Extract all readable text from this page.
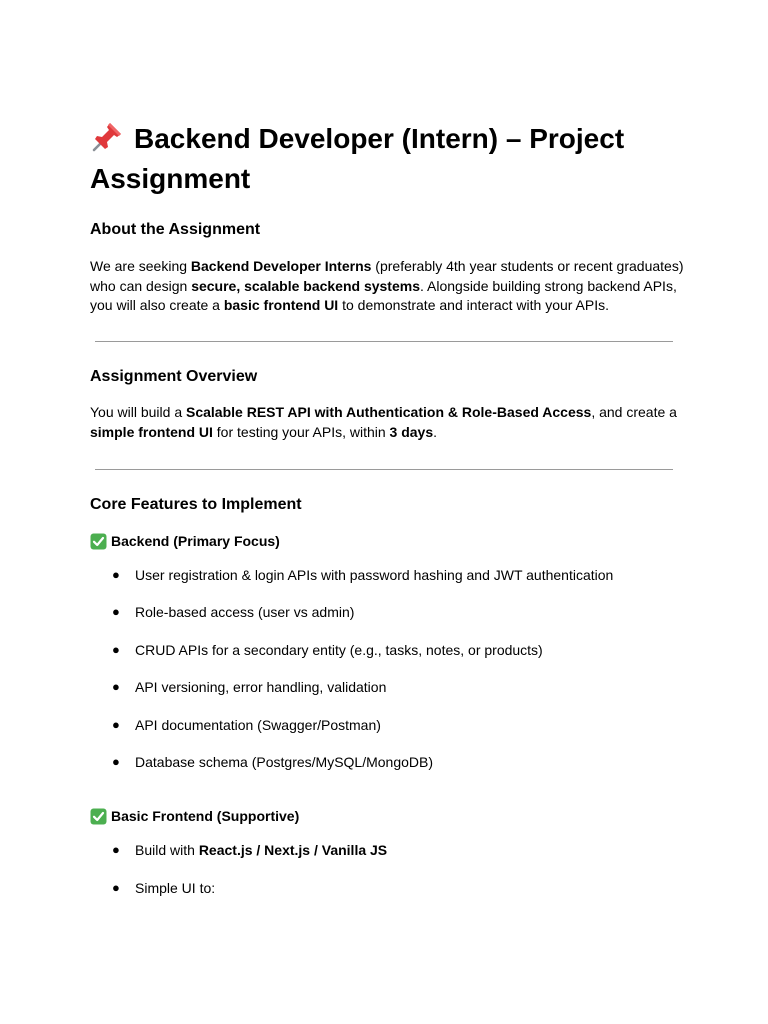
Backend Developer (Intern) – Project Assignment
About the Assignment

We are seeking Backend Developer Interns (preferably 4th year students or recent graduates) who can design secure, scalable backend systems. Alongside building strong backend APIs, you will also create a basic frontend UI to demonstrate and interact with your APIs.

Assignment Overview

You will build a Scalable REST API with Authentication & Role-Based Access, and create a simple frontend UI for testing your APIs, within 3 days.

Core Features to Implement
Backend (Primary Focus)
●	User registration & login APIs with password hashing and JWT authentication
●	Role-based access (user vs admin)
●	CRUD APIs for a secondary entity (e.g., tasks, notes, or products)
●	API versioning, error handling, validation
●	API documentation (Swagger/Postman)
●	Database schema (Postgres/MySQL/MongoDB)
Basic Frontend (Supportive)
●	Build with React.js / Next.js / Vanilla JS
●	Simple UI to:
